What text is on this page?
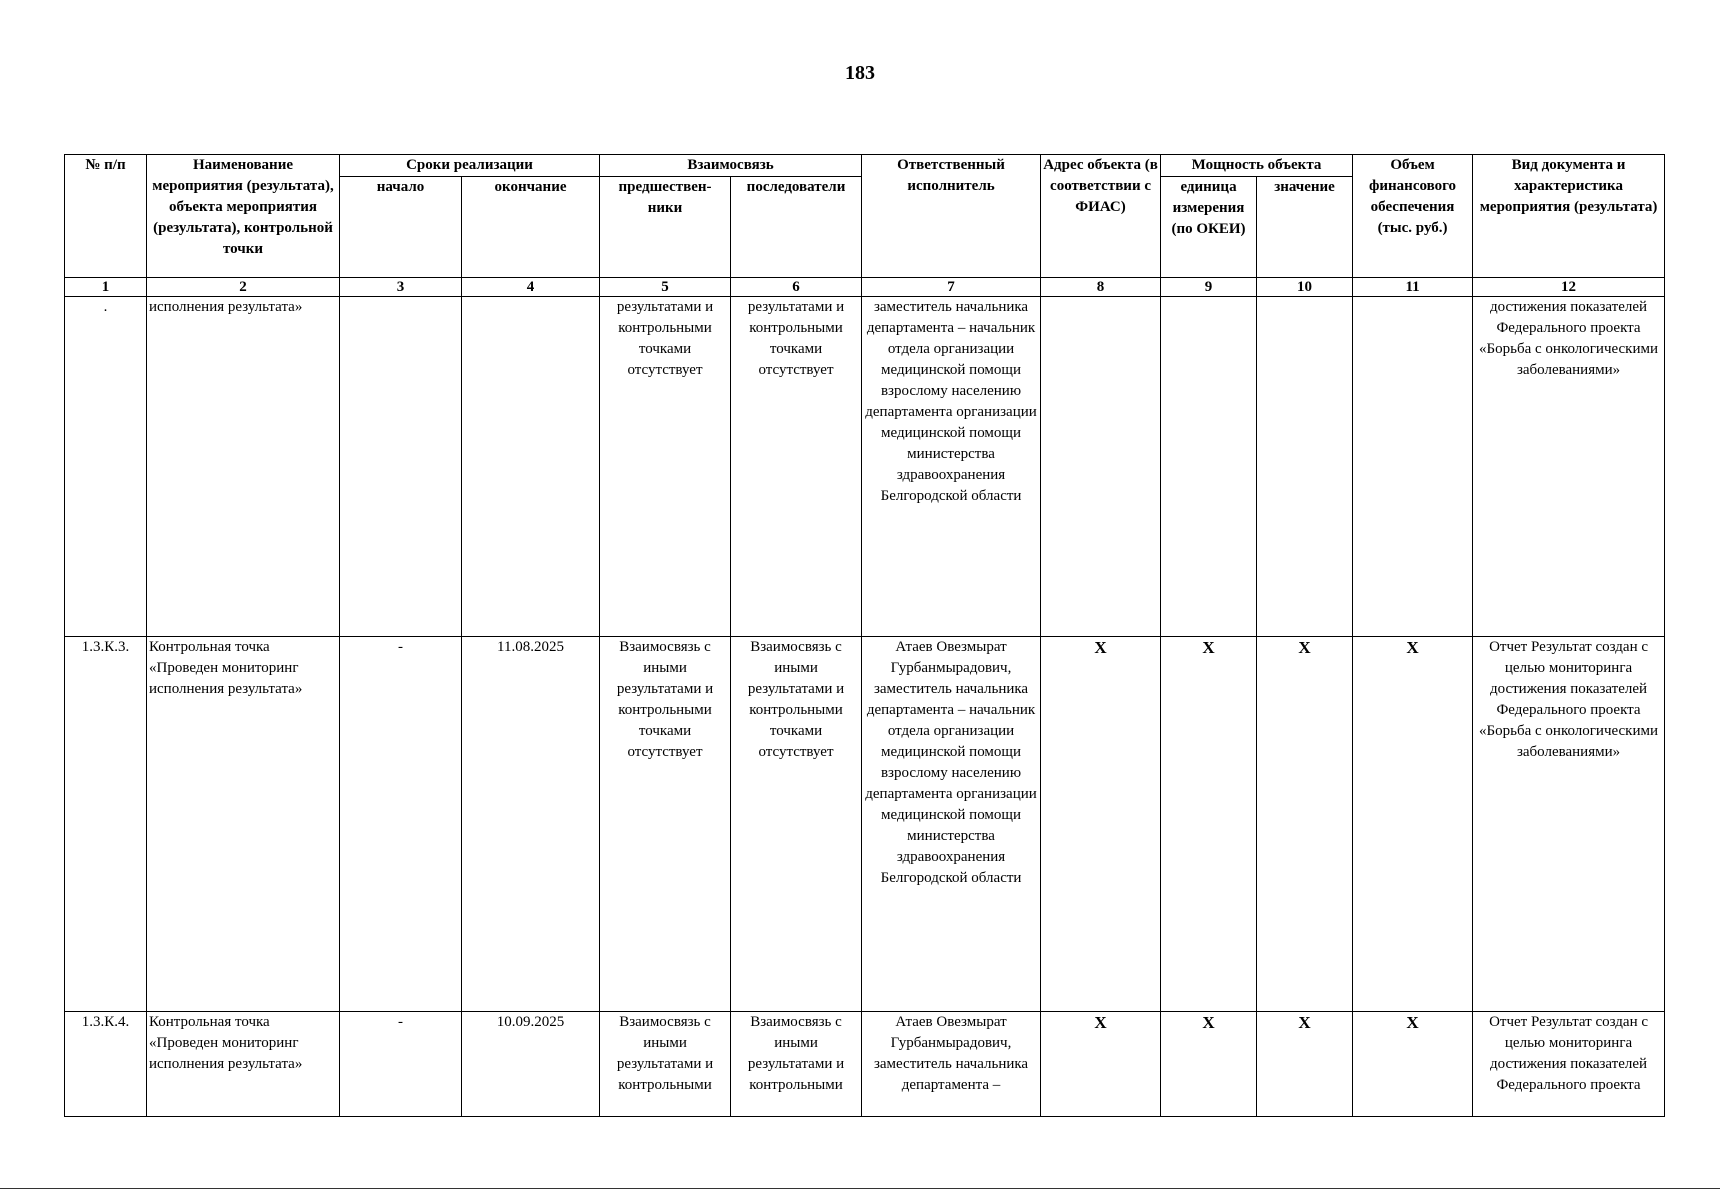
183
№ п/п	Наименование мероприятия (результата), объекта мероприятия (результата), контрольной точки	Сроки реализации		Взаимосвязь		Ответственный исполнитель	Адрес объекта (в соответствии с ФИАС)	Мощность объекта		Объем финансового обеспечения (тыс. руб.)	Вид документа и характеристика мероприятия (результата)
		начало	окончание	предшествен-ники	последователи			единица измерения (по ОКЕИ)	значение		
1	2	3	4	5	6	7	8	9	10	11	12
.	исполнения результата»			результатами и контрольными точками отсутствует	результатами и контрольными точками отсутствует	заместитель начальника департамента – начальник отдела организации медицинской помощи взрослому населению департамента организации медицинской помощи министерства здравоохранения Белгородской области					достижения показателей Федерального проекта «Борьба с онкологическими заболеваниями»
1.3.К.3.	Контрольная точка «Проведен мониторинг исполнения результата»	-	11.08.2025	Взаимосвязь с иными результатами и контрольными точками отсутствует	Взаимосвязь с иными результатами и контрольными точками отсутствует	Атаев Овезмырат Гурбанмырадович, заместитель начальника департамента – начальник отдела организации медицинской помощи взрослому населению департамента организации медицинской помощи министерства здравоохранения Белгородской области	X	X	X	X	Отчет Результат создан с целью мониторинга достижения показателей Федерального проекта «Борьба с онкологическими заболеваниями»
1.3.К.4.	Контрольная точка «Проведен мониторинг исполнения результата»	-	10.09.2025	Взаимосвязь с иными результатами и контрольными	Взаимосвязь с иными результатами и контрольными	Атаев Овезмырат Гурбанмырадович, заместитель начальника департамента –	X	X	X	X	Отчет Результат создан с целью мониторинга достижения показателей Федерального проекта
